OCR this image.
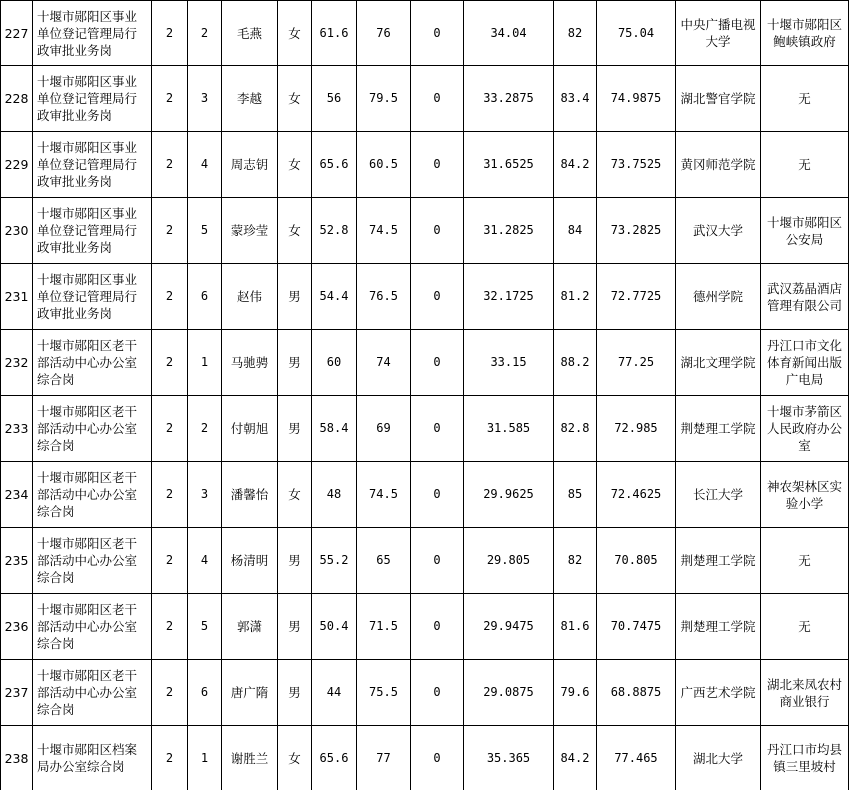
227	十堰市郧阳区事业单位登记管理局行政审批业务岗	2	2	毛燕	女	61.6	76	0	34.04	82	75.04	中央广播电视大学	十堰市郧阳区鲍峡镇政府
228	十堰市郧阳区事业单位登记管理局行政审批业务岗	2	3	李越	女	56	79.5	0	33.2875	83.4	74.9875	湖北警官学院	无
229	十堰市郧阳区事业单位登记管理局行政审批业务岗	2	4	周志钥	女	65.6	60.5	0	31.6525	84.2	73.7525	黄冈师范学院	无
230	十堰市郧阳区事业单位登记管理局行政审批业务岗	2	5	蒙珍莹	女	52.8	74.5	0	31.2825	84	73.2825	武汉大学	十堰市郧阳区公安局
231	十堰市郧阳区事业单位登记管理局行政审批业务岗	2	6	赵伟	男	54.4	76.5	0	32.1725	81.2	72.7725	德州学院	武汉荔晶酒店管理有限公司
232	十堰市郧阳区老干部活动中心办公室综合岗	2	1	马驰骋	男	60	74	0	33.15	88.2	77.25	湖北文理学院	丹江口市文化体育新闻出版广电局
233	十堰市郧阳区老干部活动中心办公室综合岗	2	2	付朝旭	男	58.4	69	0	31.585	82.8	72.985	荆楚理工学院	十堰市茅箭区人民政府办公室
234	十堰市郧阳区老干部活动中心办公室综合岗	2	3	潘馨怡	女	48	74.5	0	29.9625	85	72.4625	长江大学	神农架林区实验小学
235	十堰市郧阳区老干部活动中心办公室综合岗	2	4	杨清明	男	55.2	65	0	29.805	82	70.805	荆楚理工学院	无
236	十堰市郧阳区老干部活动中心办公室综合岗	2	5	郭潇	男	50.4	71.5	0	29.9475	81.6	70.7475	荆楚理工学院	无
237	十堰市郧阳区老干部活动中心办公室综合岗	2	6	唐广隋	男	44	75.5	0	29.0875	79.6	68.8875	广西艺术学院	湖北来凤农村商业银行
238	十堰市郧阳区档案局办公室综合岗	2	1	谢胜兰	女	65.6	77	0	35.365	84.2	77.465	湖北大学	丹江口市均县镇三里坡村
